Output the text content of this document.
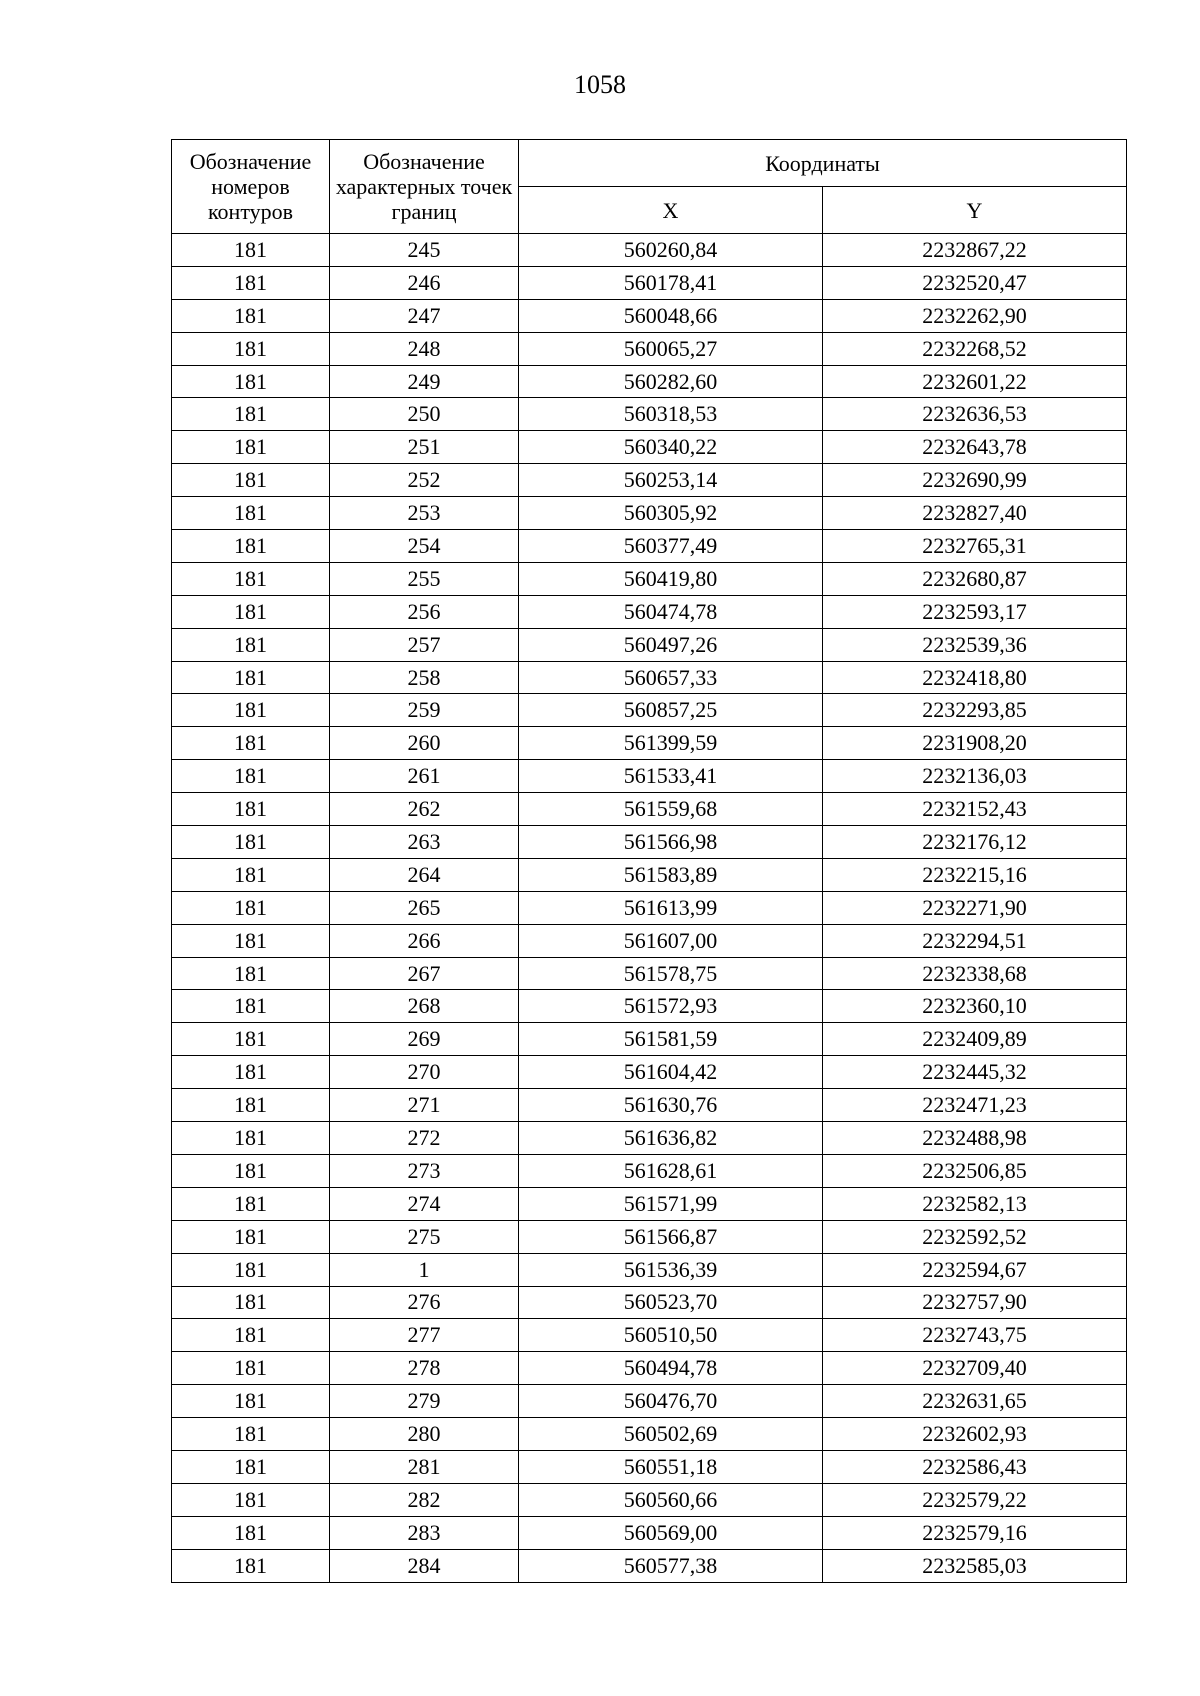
1058
Обозначение номеров контуров	Обозначение характерных точек границ	Координаты	
		X	Y
181	245	560260,84	2232867,22
181	246	560178,41	2232520,47
181	247	560048,66	2232262,90
181	248	560065,27	2232268,52
181	249	560282,60	2232601,22
181	250	560318,53	2232636,53
181	251	560340,22	2232643,78
181	252	560253,14	2232690,99
181	253	560305,92	2232827,40
181	254	560377,49	2232765,31
181	255	560419,80	2232680,87
181	256	560474,78	2232593,17
181	257	560497,26	2232539,36
181	258	560657,33	2232418,80
181	259	560857,25	2232293,85
181	260	561399,59	2231908,20
181	261	561533,41	2232136,03
181	262	561559,68	2232152,43
181	263	561566,98	2232176,12
181	264	561583,89	2232215,16
181	265	561613,99	2232271,90
181	266	561607,00	2232294,51
181	267	561578,75	2232338,68
181	268	561572,93	2232360,10
181	269	561581,59	2232409,89
181	270	561604,42	2232445,32
181	271	561630,76	2232471,23
181	272	561636,82	2232488,98
181	273	561628,61	2232506,85
181	274	561571,99	2232582,13
181	275	561566,87	2232592,52
181	1	561536,39	2232594,67
181	276	560523,70	2232757,90
181	277	560510,50	2232743,75
181	278	560494,78	2232709,40
181	279	560476,70	2232631,65
181	280	560502,69	2232602,93
181	281	560551,18	2232586,43
181	282	560560,66	2232579,22
181	283	560569,00	2232579,16
181	284	560577,38	2232585,03
